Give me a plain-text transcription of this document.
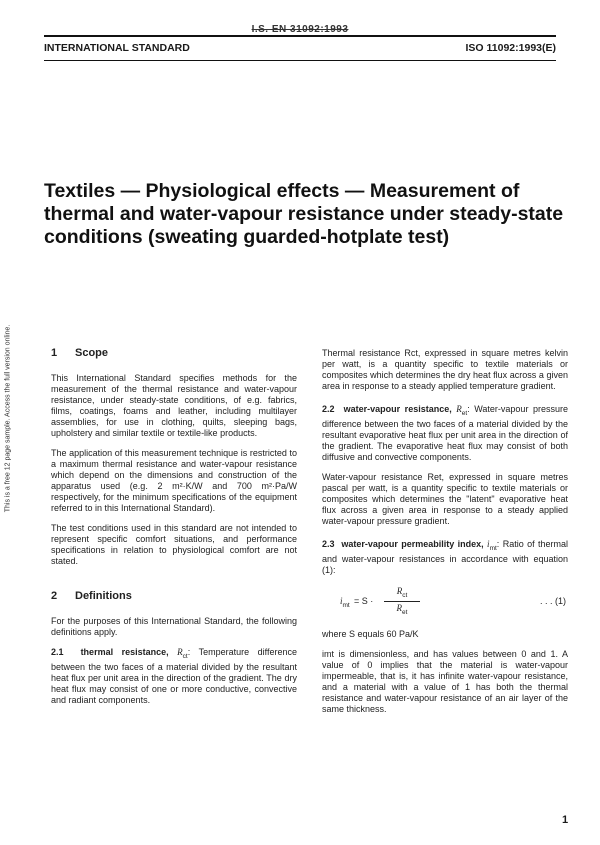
I.S. EN 31092:1993
INTERNATIONAL STANDARD	ISO 11092:1993(E)
This is a free 12 page sample. Access the full version online.
Textiles — Physiological effects — Measurement of thermal and water-vapour resistance under steady-state conditions (sweating guarded-hotplate test)
1 Scope

This International Standard specifies methods for the measurement of the thermal resistance and water-vapour resistance, under steady-state conditions, of e.g. fabrics, films, coatings, foams and leather, including multilayer assemblies, for use in clothing, quilts, sleeping bags, upholstery and similar textile or textile-like products.

The application of this measurement technique is restricted to a maximum thermal resistance and water-vapour resistance which depend on the dimensions and construction of the apparatus used (e.g. 2 m²·K/W and 700 m²·Pa/W respectively, for the minimum specifications of the equipment referred to in this International Standard).

The test conditions used in this standard are not intended to represent specific comfort situations, and performance specifications in relation to physiological comfort are not stated.

2 Definitions

For the purposes of this International Standard, the following definitions apply.

2.1 thermal resistance, $R_{ct}$: Temperature difference between the two faces of a material divided by the resultant heat flux per unit area in the direction of the gradient. The dry heat flux may consist of one or more conductive, convective and radiant components.

Thermal resistance Rct, expressed in square metres kelvin per watt, is a quantity specific to textile materials or composites which determines the dry heat flux across a given area in response to a steady applied temperature gradient.

2.2 water-vapour resistance, $R_{et}$: Water-vapour pressure difference between the two faces of a material divided by the resultant evaporative heat flux per unit area in the direction of the gradient. The evaporative heat flux may consist of both diffusive and convective components.

Water-vapour resistance Ret, expressed in square metres pascal per watt, is a quantity specific to textile materials or composites which determines the "latent" evaporative heat flux across a given area in response to a steady applied water-vapour pressure gradient.

2.3 water-vapour permeability index, $i_{mt}$: Ratio of thermal and water-vapour resistances in accordance with equation (1):

$i_{mt} = S$ ·
$R_{ct}$
$R_{et}$
. . . (1)

where S equals 60 Pa/K

imt is dimensionless, and has values between 0 and 1. A value of 0 implies that the material is water-vapour impermeable, that is, it has infinite water-vapour resistance, and a material with a value of 1 has both the thermal resistance and water-vapour resistance of an air layer of the same thickness.

1
